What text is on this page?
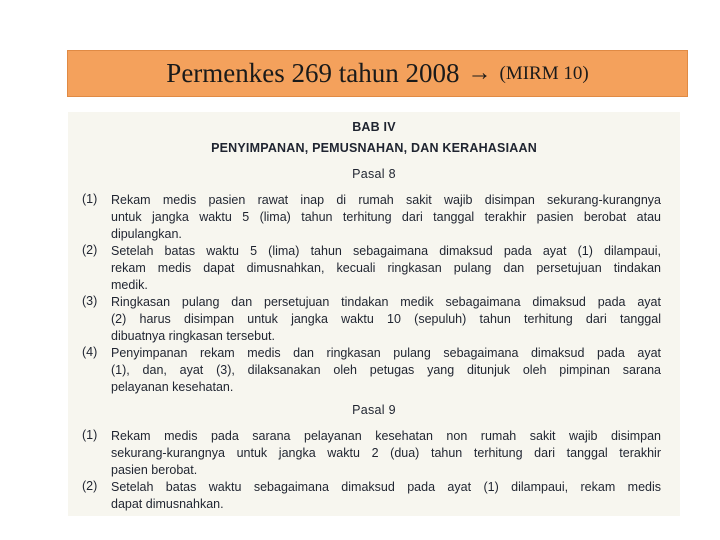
Permenkes 269 tahun 2008 → (MIRM 10)
BAB IV
PENYIMPANAN, PEMUSNAHAN, DAN KERAHASIAAN
Pasal 8
(1) Rekam medis pasien rawat inap di rumah sakit wajib disimpan sekurang-kurangnya
untuk jangka waktu 5 (lima) tahun terhitung dari tanggal terakhir pasien berobat atau
dipulangkan.
(2) Setelah batas waktu 5 (lima) tahun sebagaimana dimaksud pada ayat (1) dilampaui,
rekam medis dapat dimusnahkan, kecuali ringkasan pulang dan persetujuan tindakan
medik.
(3) Ringkasan pulang dan persetujuan tindakan medik sebagaimana dimaksud pada ayat
(2) harus disimpan untuk jangka waktu 10 (sepuluh) tahun terhitung dari tanggal
dibuatnya ringkasan tersebut.
(4) Penyimpanan rekam medis dan ringkasan pulang sebagaimana dimaksud pada ayat
(1), dan, ayat (3), dilaksanakan oleh petugas yang ditunjuk oleh pimpinan sarana
pelayanan kesehatan.
Pasal 9
(1) Rekam medis pada sarana pelayanan kesehatan non rumah sakit wajib disimpan
sekurang-kurangnya untuk jangka waktu 2 (dua) tahun terhitung dari tanggal terakhir
pasien berobat.
(2) Setelah batas waktu sebagaimana dimaksud pada ayat (1) dilampaui, rekam medis
dapat dimusnahkan.
